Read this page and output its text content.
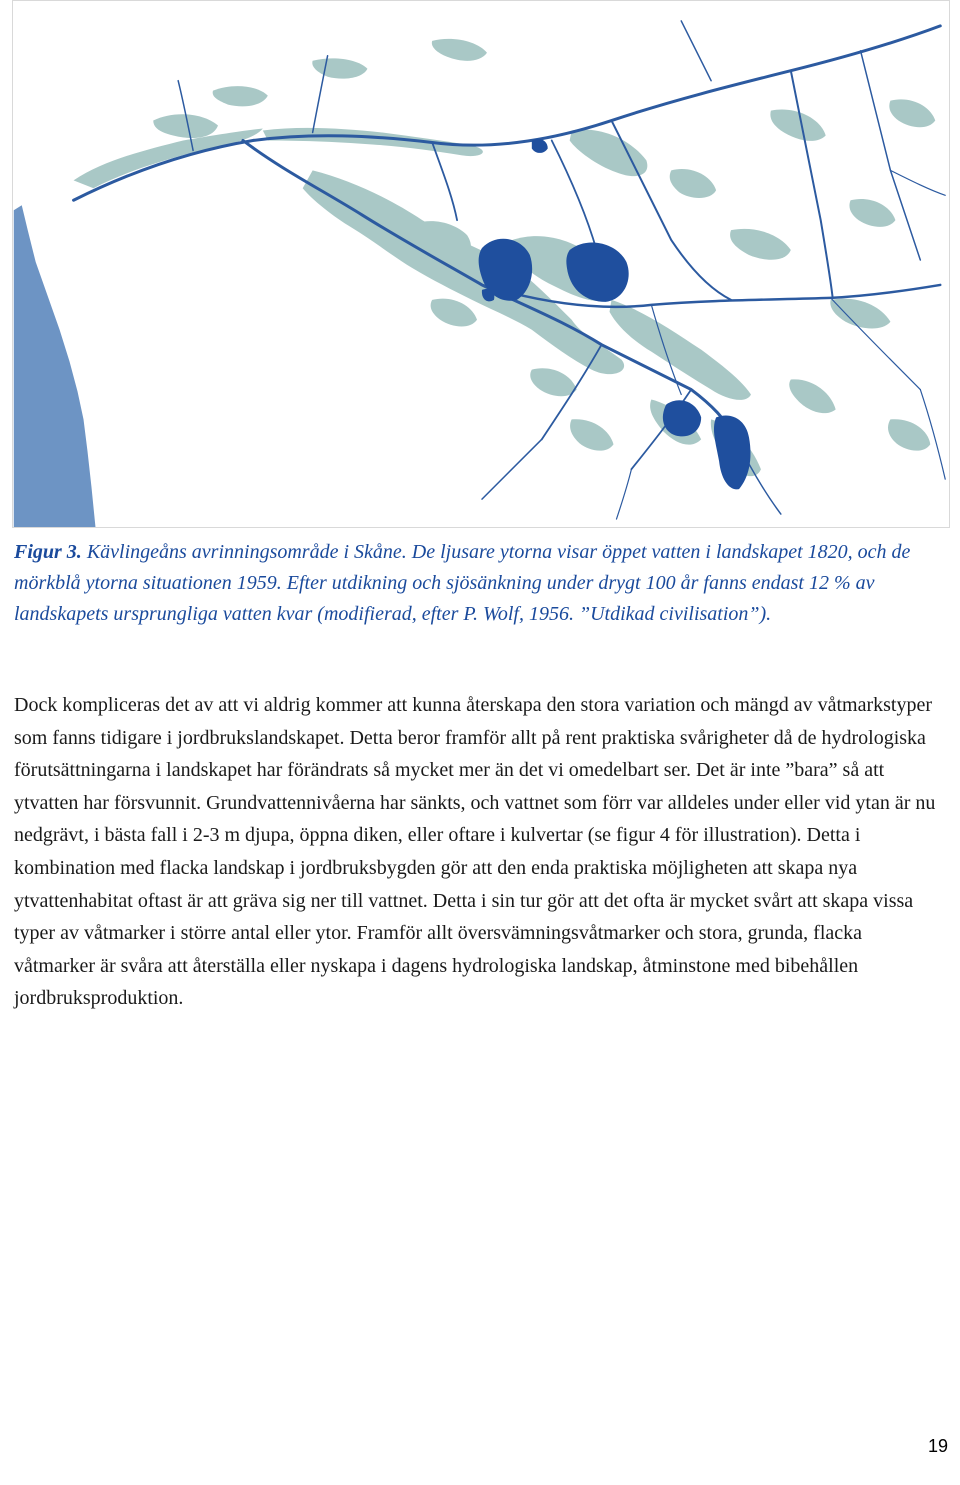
Figur 3. Kävlingeåns avrinningsområde i Skåne. De ljusare ytorna visar öppet vatten i landskapet 1820, och de mörkblå ytorna situationen 1959. Efter utdikning och sjösänkning under drygt 100 år fanns endast 12 % av landskapets ursprungliga vatten kvar (modifierad, efter P. Wolf, 1956. ”Utdikad civilisation”).

Dock kompliceras det av att vi aldrig kommer att kunna återskapa den stora variation och mängd av våtmarkstyper som fanns tidigare i jordbrukslandskapet. Detta beror framför allt på rent praktiska svårigheter då de hydrologiska förutsättningarna i landskapet har förändrats så mycket mer än det vi omedelbart ser. Det är inte ”bara” så att ytvatten har försvunnit. Grundvattennivåerna har sänkts, och vattnet som förr var alldeles under eller vid ytan är nu nedgrävt, i bästa fall i 2-3 m djupa, öppna diken, eller oftare i kulvertar (se figur 4 för illustration). Detta i kombination med flacka landskap i jordbruksbygden gör att den enda praktiska möjligheten att skapa nya ytvattenhabitat oftast är att gräva sig ner till vattnet. Detta i sin tur gör att det ofta är mycket svårt att skapa vissa typer av våtmarker i större antal eller ytor. Framför allt översvämningsvåtmarker och stora, grunda, flacka våtmarker är svåra att återställa eller nyskapa i dagens hydrologiska landskap, åtminstone med bibehållen jordbruksproduktion.

19
